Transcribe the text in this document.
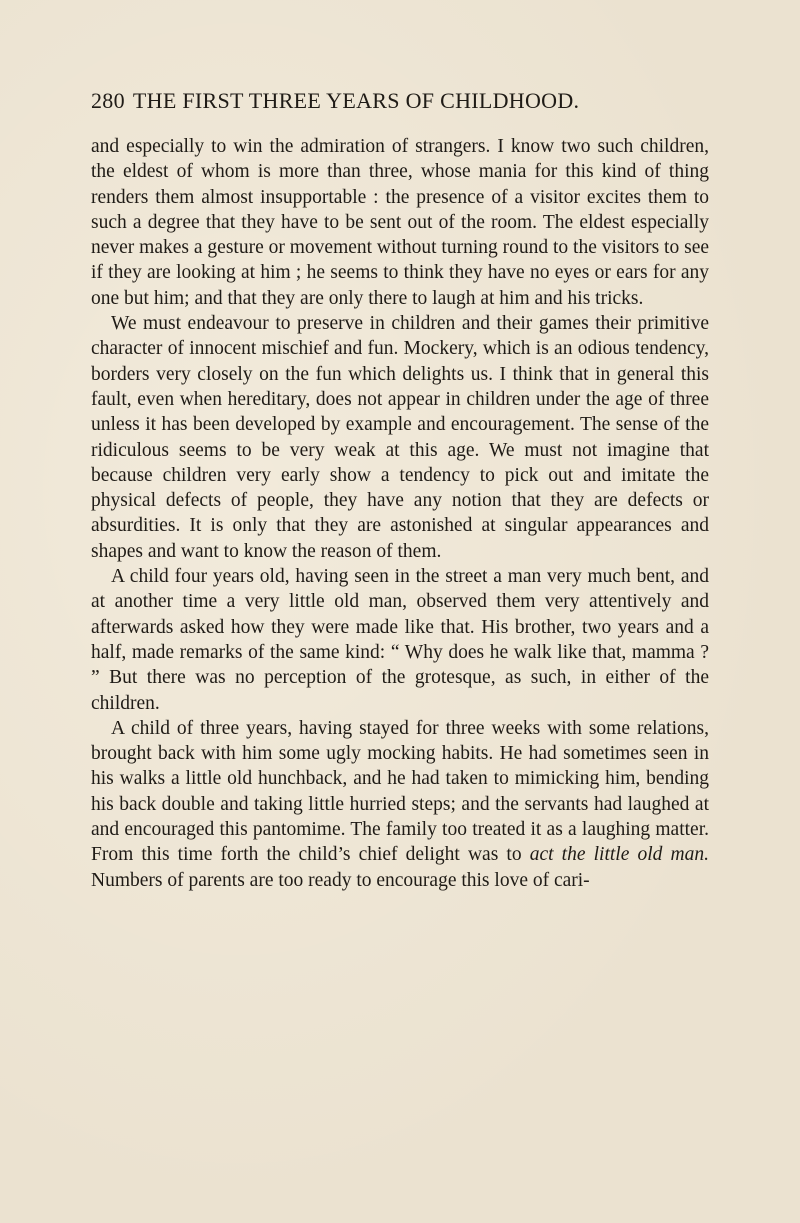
280 THE FIRST THREE YEARS OF CHILDHOOD.

and especially to win the admiration of strangers. I know two such children, the eldest of whom is more than three, whose mania for this kind of thing renders them almost insupportable : the presence of a visitor excites them to such a degree that they have to be sent out of the room. The eldest especially never makes a gesture or movement without turning round to the visitors to see if they are looking at him ; he seems to think they have no eyes or ears for any one but him; and that they are only there to laugh at him and his tricks.

We must endeavour to preserve in children and their games their primitive character of innocent mischief and fun. Mockery, which is an odious tendency, borders very closely on the fun which delights us. I think that in general this fault, even when hereditary, does not appear in children under the age of three unless it has been developed by example and encouragement. The sense of the ridiculous seems to be very weak at this age. We must not imagine that because children very early show a tendency to pick out and imitate the physical defects of people, they have any notion that they are defects or absurdities. It is only that they are astonished at singular appearances and shapes and want to know the reason of them.

A child four years old, having seen in the street a man very much bent, and at another time a very little old man, observed them very attentively and afterwards asked how they were made like that. His brother, two years and a half, made remarks of the same kind: “ Why does he walk like that, mamma ? ” But there was no perception of the grotesque, as such, in either of the children.

A child of three years, having stayed for three weeks with some relations, brought back with him some ugly mocking habits. He had sometimes seen in his walks a little old hunchback, and he had taken to mimicking him, bending his back double and taking little hurried steps; and the servants had laughed at and encouraged this pantomime. The family too treated it as a laughing matter. From this time forth the child’s chief delight was to act the little old man. Numbers of parents are too ready to encourage this love of cari-
